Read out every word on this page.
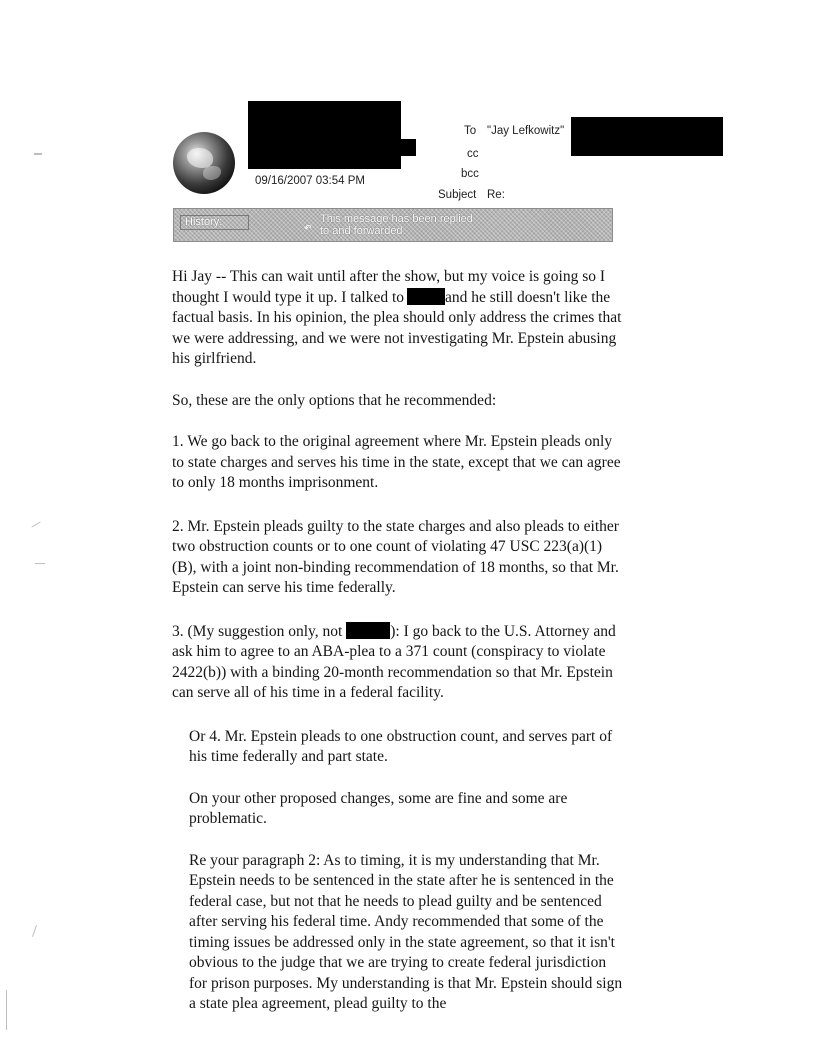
09/16/2007 03:54 PM
To "Jay Lefkowitz"
cc
bcc
Subject Re:
History:	↶
This message has been replied
to and forwarded.

Hi Jay -- This can wait until after the show, but my voice is going so I thought I would type it up. I talked to	and he still doesn't like the factual basis. In his opinion, the plea should only address the crimes that we were addressing, and we were not investigating Mr. Epstein abusing his girlfriend.

So, these are the only options that he recommended:

1. We go back to the original agreement where Mr. Epstein pleads only to state charges and serves his time in the state, except that we can agree to only 18 months imprisonment.

2. Mr. Epstein pleads guilty to the state charges and also pleads to either two obstruction counts or to one count of violating 47 USC 223(a)(1)(B), with a joint non-binding recommendation of 18 months, so that Mr. Epstein can serve his time federally.

3. (My suggestion only, not	): I go back to the U.S. Attorney and ask him to agree to an ABA-plea to a 371 count (conspiracy to violate 2422(b)) with a binding 20-month recommendation so that Mr. Epstein can serve all of his time in a federal facility.

Or 4. Mr. Epstein pleads to one obstruction count, and serves part of his time federally and part state.

On your other proposed changes, some are fine and some are problematic.

Re your paragraph 2: As to timing, it is my understanding that Mr. Epstein needs to be sentenced in the state after he is sentenced in the federal case, but not that he needs to plead guilty and be sentenced after serving his federal time. Andy recommended that some of the timing issues be addressed only in the state agreement, so that it isn't obvious to the judge that we are trying to create federal jurisdiction for prison purposes. My understanding is that Mr. Epstein should sign a state plea agreement, plead guilty to the
